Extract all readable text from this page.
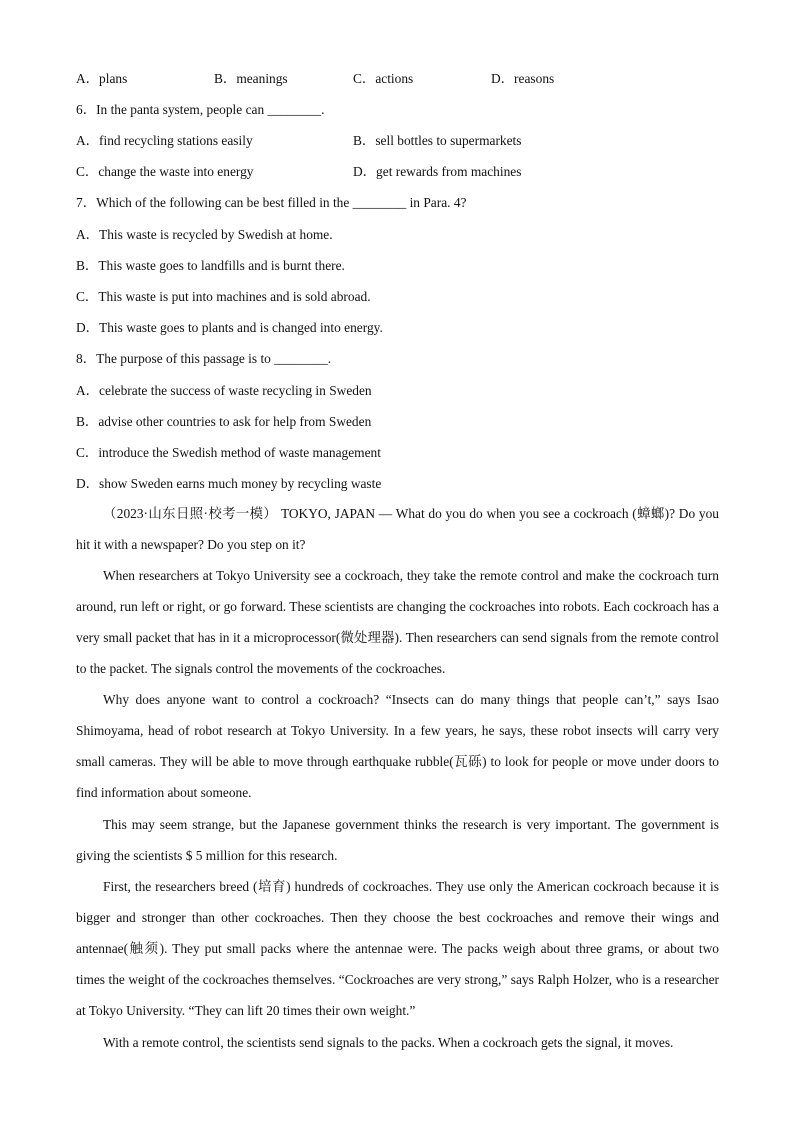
A．plans	B．meanings	C．actions	D．reasons
6．In the panta system, people can ________.
A．find recycling stations easily	B．sell bottles to supermarkets
C．change the waste into energy	D．get rewards from machines
7．Which of the following can be best filled in the ________ in Para. 4?
A．This waste is recycled by Swedish at home.
B．This waste goes to landfills and is burnt there.
C．This waste is put into machines and is sold abroad.
D．This waste goes to plants and is changed into energy.
8．The purpose of this passage is to ________.
A．celebrate the success of waste recycling in Sweden
B．advise other countries to ask for help from Sweden
C．introduce the Swedish method of waste management
D．show Sweden earns much money by recycling waste

（2023·山东日照·校考一模） TOKYO, JAPAN — What do you do when you see a cockroach (蟑螂)? Do you hit it with a newspaper? Do you step on it?

When researchers at Tokyo University see a cockroach, they take the remote control and make the cockroach turn around, run left or right, or go forward. These scientists are changing the cockroaches into robots. Each cockroach has a very small packet that has in it a microprocessor(微处理器). Then researchers can send signals from the remote control to the packet. The signals control the movements of the cockroaches.

Why does anyone want to control a cockroach? “Insects can do many things that people can’t,” says Isao Shimoyama, head of robot research at Tokyo University. In a few years, he says, these robot insects will carry very small cameras. They will be able to move through earthquake rubble(瓦砾) to look for people or move under doors to find information about someone.

This may seem strange, but the Japanese government thinks the research is very important. The government is giving the scientists $ 5 million for this research.

First, the researchers breed (培育) hundreds of cockroaches. They use only the American cockroach because it is bigger and stronger than other cockroaches. Then they choose the best cockroaches and remove their wings and antennae(触须). They put small packs where the antennae were. The packs weigh about three grams, or about two times the weight of the cockroaches themselves. “Cockroaches are very strong,” says Ralph Holzer, who is a researcher at Tokyo University. “They can lift 20 times their own weight.”

With a remote control, the scientists send signals to the packs. When a cockroach gets the signal, it moves.
